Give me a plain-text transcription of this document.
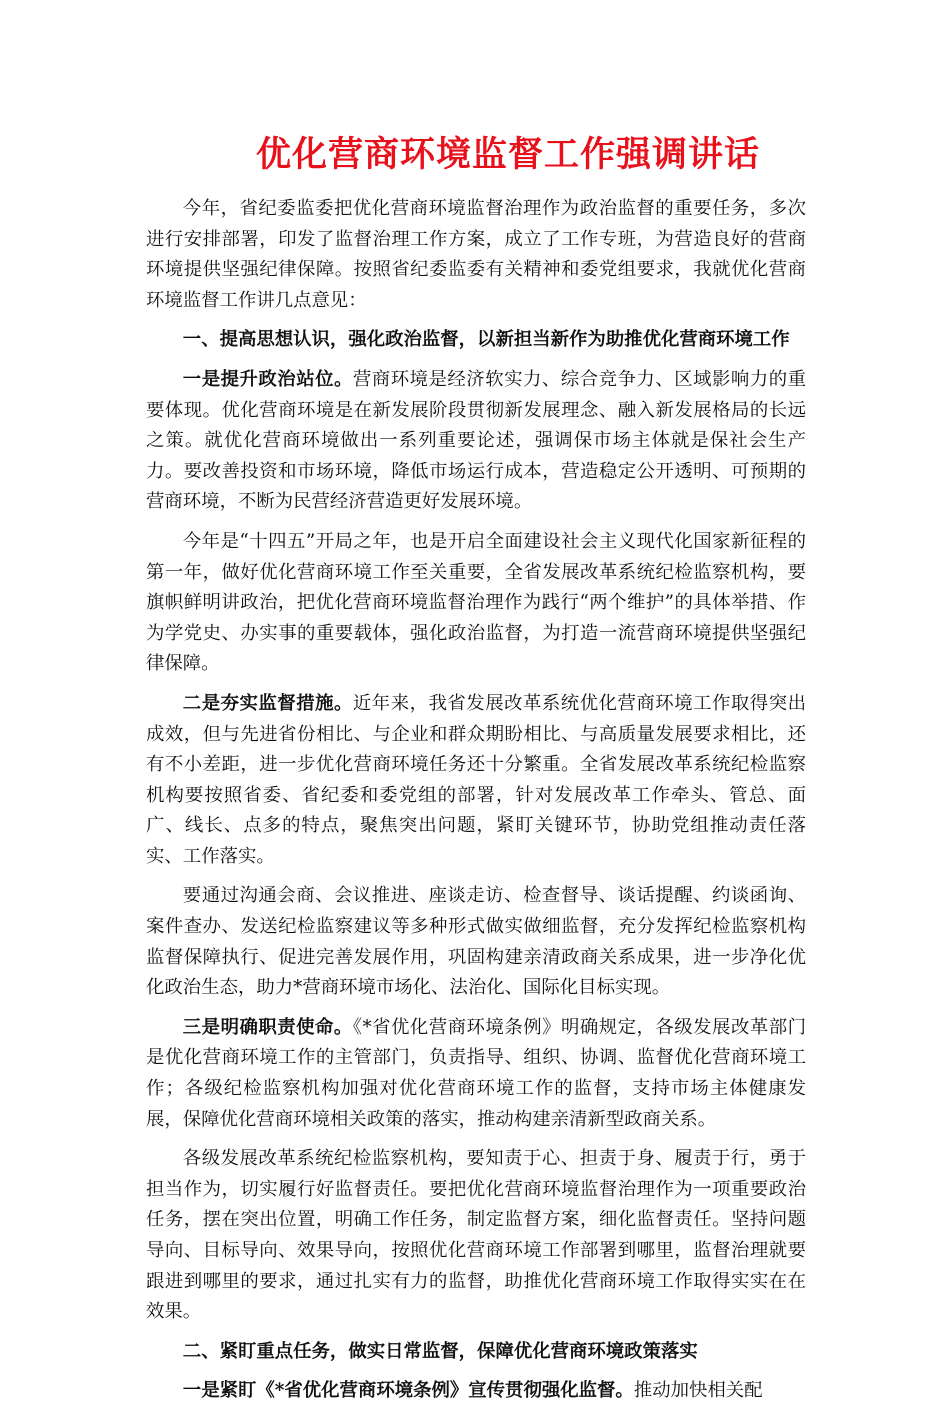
优化营商环境监督工作强调讲话

今年，省纪委监委把优化营商环境监督治理作为政治监督的重要任务，多次进行安排部署，印发了监督治理工作方案，成立了工作专班，为营造良好的营商环境提供坚强纪律保障。按照省纪委监委有关精神和委党组要求，我就优化营商环境监督工作讲几点意见：

一、提高思想认识，强化政治监督，以新担当新作为助推优化营商环境工作

一是提升政治站位。营商环境是经济软实力、综合竞争力、区域影响力的重要体现。优化营商环境是在新发展阶段贯彻新发展理念、融入新发展格局的长远之策。就优化营商环境做出一系列重要论述，强调保市场主体就是保社会生产力。要改善投资和市场环境，降低市场运行成本，营造稳定公开透明、可预期的营商环境，不断为民营经济营造更好发展环境。

今年是“十四五”开局之年，也是开启全面建设社会主义现代化国家新征程的第一年，做好优化营商环境工作至关重要，全省发展改革系统纪检监察机构，要旗帜鲜明讲政治，把优化营商环境监督治理作为践行“两个维护”的具体举措、作为学党史、办实事的重要载体，强化政治监督，为打造一流营商环境提供坚强纪律保障。

二是夯实监督措施。近年来，我省发展改革系统优化营商环境工作取得突出成效，但与先进省份相比、与企业和群众期盼相比、与高质量发展要求相比，还有不小差距，进一步优化营商环境任务还十分繁重。全省发展改革系统纪检监察机构要按照省委、省纪委和委党组的部署，针对发展改革工作牵头、管总、面广、线长、点多的特点，聚焦突出问题，紧盯关键环节，协助党组推动责任落实、工作落实。

要通过沟通会商、会议推进、座谈走访、检查督导、谈话提醒、约谈函询、案件查办、发送纪检监察建议等多种形式做实做细监督，充分发挥纪检监察机构监督保障执行、促进完善发展作用，巩固构建亲清政商关系成果，进一步净化优化政治生态，助力*营商环境市场化、法治化、国际化目标实现。

三是明确职责使命。《*省优化营商环境条例》明确规定，各级发展改革部门是优化营商环境工作的主管部门，负责指导、组织、协调、监督优化营商环境工作；各级纪检监察机构加强对优化营商环境工作的监督，支持市场主体健康发展，保障优化营商环境相关政策的落实，推动构建亲清新型政商关系。

各级发展改革系统纪检监察机构，要知责于心、担责于身、履责于行，勇于担当作为，切实履行好监督责任。要把优化营商环境监督治理作为一项重要政治任务，摆在突出位置，明确工作任务，制定监督方案，细化监督责任。坚持问题导向、目标导向、效果导向，按照优化营商环境工作部署到哪里，监督治理就要跟进到哪里的要求，通过扎实有力的监督，助推优化营商环境工作取得实实在在效果。

二、紧盯重点任务，做实日常监督，保障优化营商环境政策落实

一是紧盯《*省优化营商环境条例》宣传贯彻强化监督。推动加快相关配
